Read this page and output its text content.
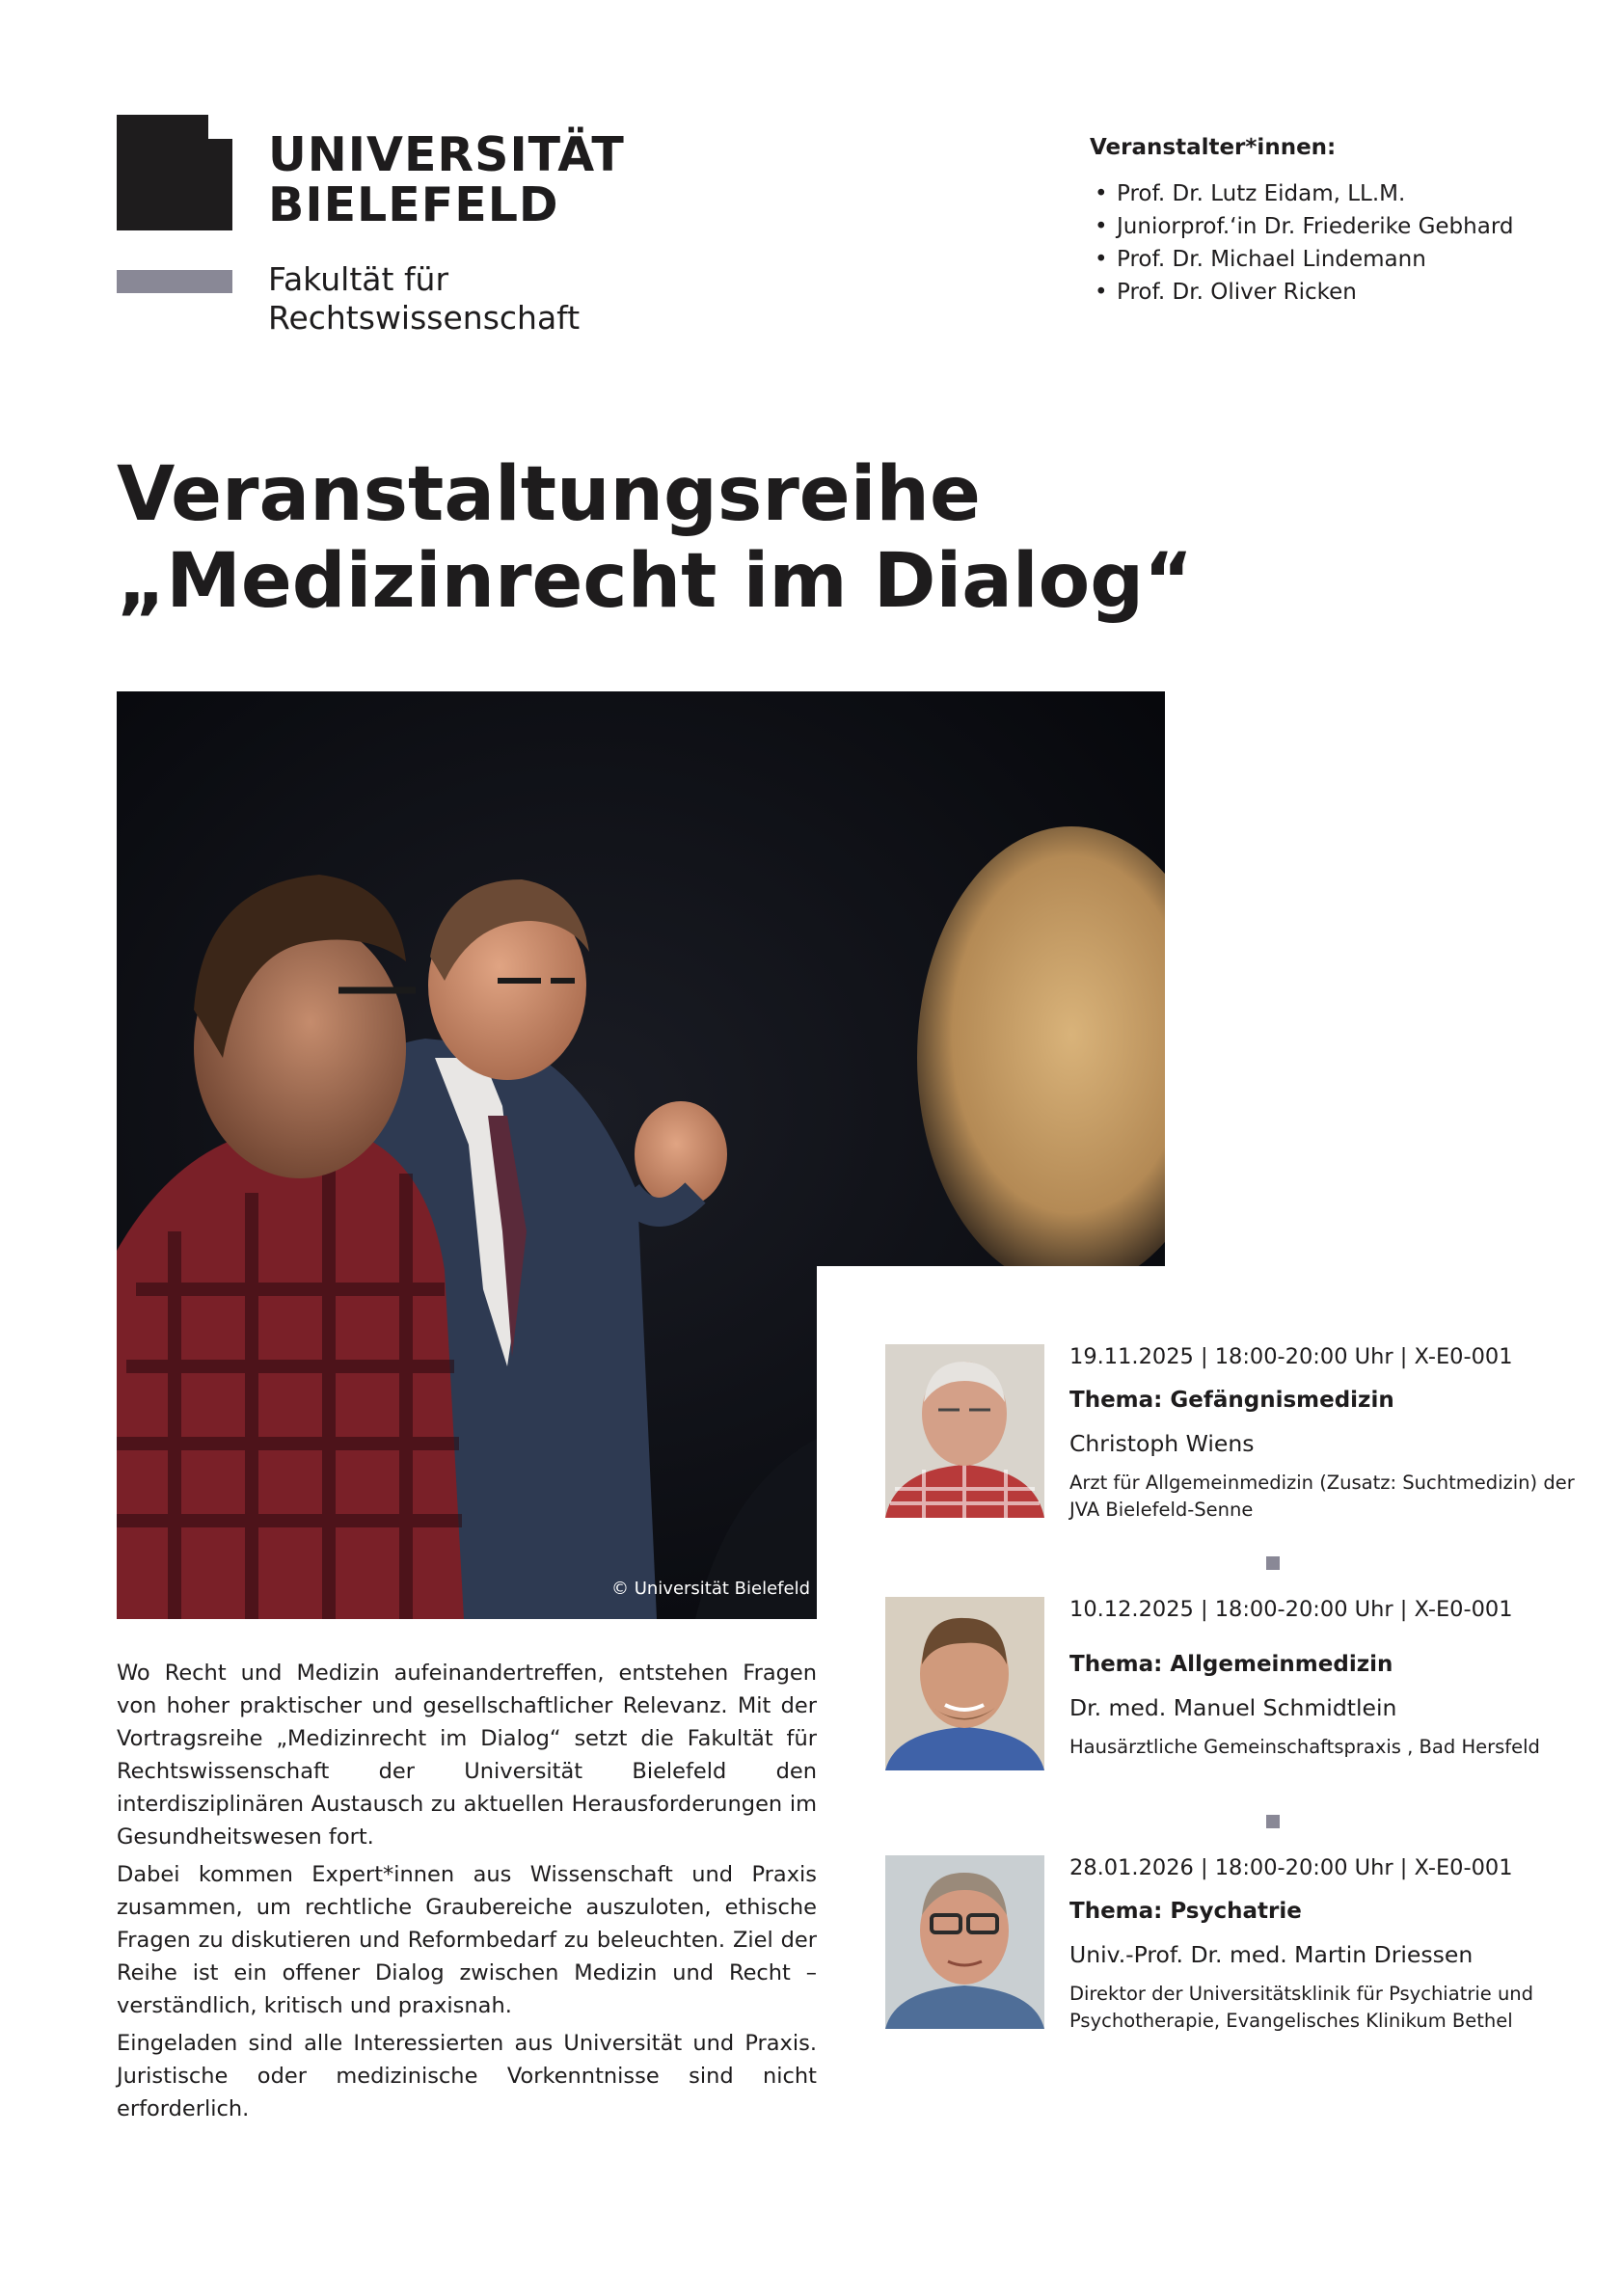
UNIVERSITÄT
BIELEFELD
Fakultät für
Rechtswissenschaft
Veranstalter*innen:
• Prof. Dr. Lutz Eidam, LL.M.
• Juniorprof.‘in Dr. Friederike Gebhard
• Prof. Dr. Michael Lindemann
• Prof. Dr. Oliver Ricken
Veranstaltungsreihe
„Medizinrecht im Dialog“
© Universität Bielefeld

Wo Recht und Medizin aufeinandertreffen, entstehen Fragen von hoher praktischer und gesellschaftlicher Relevanz. Mit der Vortragsreihe „Medizinrecht im Dialog“ setzt die Fakultät für Rechtswissenschaft der Universität Bielefeld den interdisziplinären Austausch zu aktuellen Herausforderungen im Gesundheitswesen fort.

Dabei kommen Expert*innen aus Wissenschaft und Praxis zusammen, um rechtliche Graubereiche auszuloten, ethische Fragen zu diskutieren und Reformbedarf zu beleuchten. Ziel der Reihe ist ein offener Dialog zwischen Medizin und Recht – verständlich, kritisch und praxisnah.

Eingeladen sind alle Interessierten aus Universität und Praxis. Juristische oder medizinische Vorkenntnisse sind nicht erforderlich.

19.11.2025 | 18:00-20:00 Uhr | X-E0-001
Thema: Gefängnismedizin
Christoph Wiens
Arzt für Allgemeinmedizin (Zusatz: Suchtmedizin) der JVA Bielefeld-Senne
10.12.2025 | 18:00-20:00 Uhr | X-E0-001
Thema: Allgemeinmedizin
Dr. med. Manuel Schmidtlein
Hausärztliche Gemeinschaftspraxis , Bad Hersfeld
28.01.2026 | 18:00-20:00 Uhr | X-E0-001
Thema: Psychatrie
Univ.-Prof. Dr. med. Martin Driessen
Direktor der Universitätsklinik für Psychiatrie und Psychotherapie, Evangelisches Klinikum Bethel
